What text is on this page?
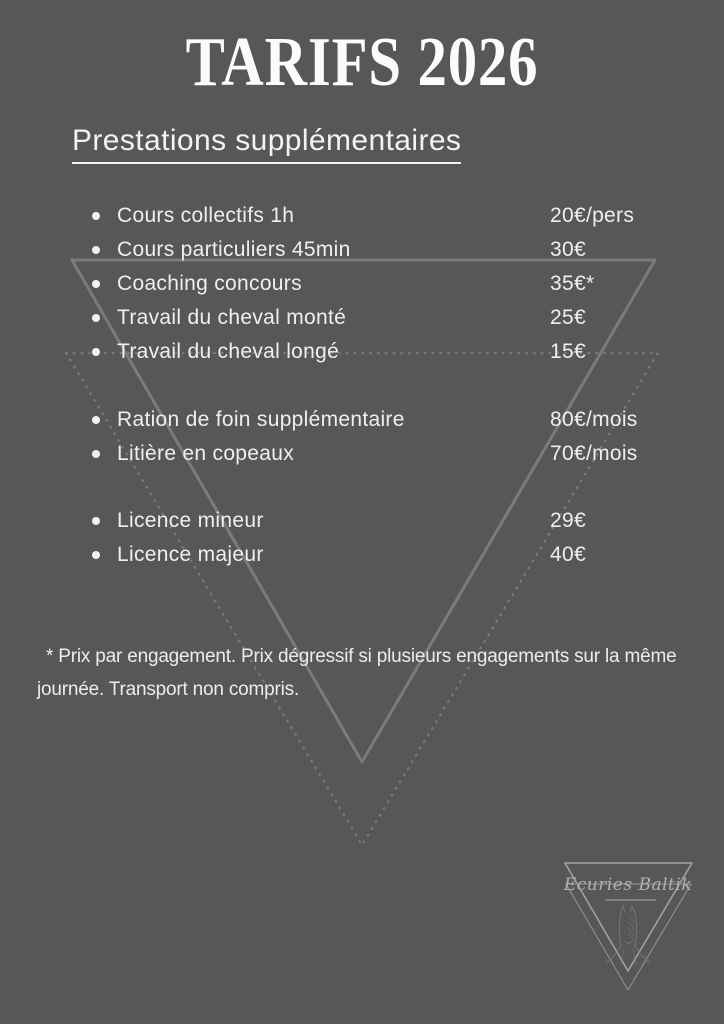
TARIFS 2026
Prestations supplémentaires
Cours collectifs 1h	20€/pers
Cours particuliers 45min	30€
Coaching concours	35€*
Travail du cheval monté	25€
Travail du cheval longé	15€
Ration de foin supplémentaire	80€/mois
Litière en copeaux	70€/mois
Licence mineur	29€
Licence majeur	40€
* Prix par engagement. Prix dégressif si plusieurs engagements sur la même
journée. Transport non compris.
Ecuries Baltik
